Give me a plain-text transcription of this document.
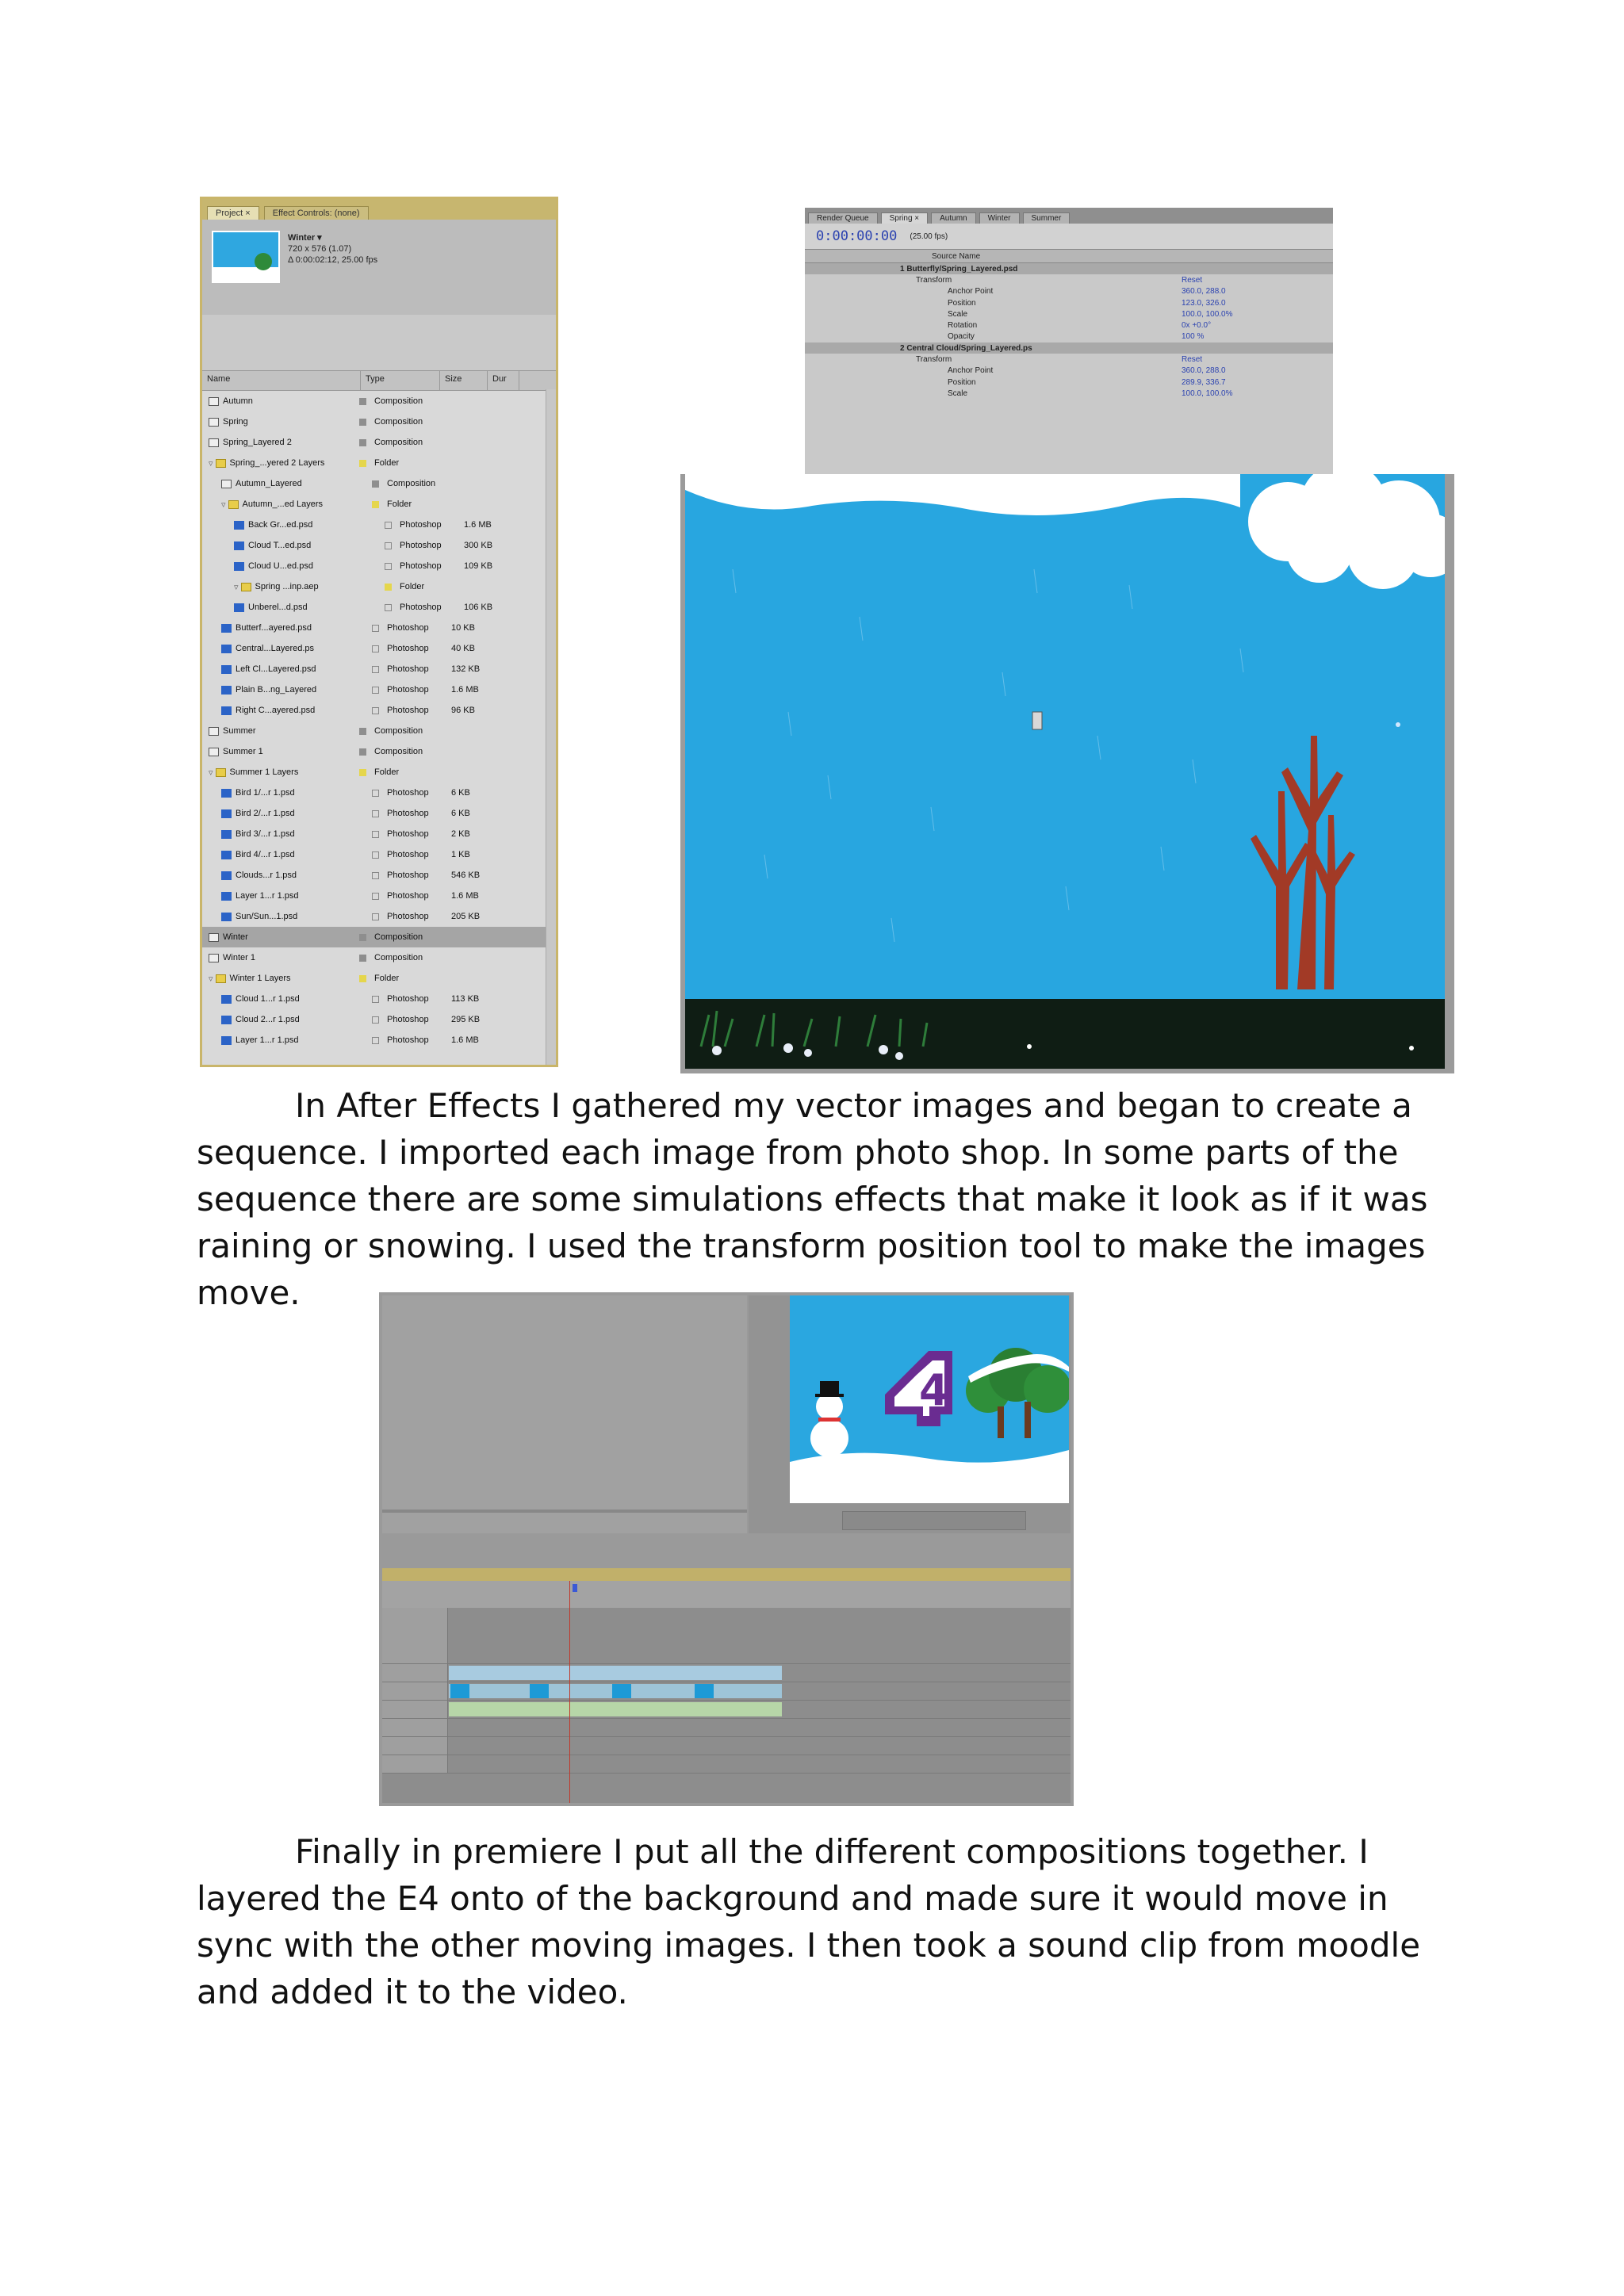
Project ×	Effect Controls: (none)
Winter ▾
720 x 576 (1.07)
Δ 0:00:02:12, 25.00 fps
Name	Type	Size	Dur
Autumn	Composition
Spring	Composition
Spring_Layered 2	Composition
▿ Spring_...yered 2 Layers	Folder
Autumn_Layered	Composition
▿ Autumn_...ed Layers	Folder
Back Gr...ed.psd	Photoshop	1.6 MB
Cloud T...ed.psd	Photoshop	300 KB
Cloud U...ed.psd	Photoshop	109 KB
▿ Spring ...inp.aep	Folder
Unberel...d.psd	Photoshop	106 KB
Butterf...ayered.psd	Photoshop	10 KB
Central...Layered.ps	Photoshop	40 KB
Left Cl...Layered.psd	Photoshop	132 KB
Plain B...ng_Layered	Photoshop	1.6 MB
Right C...ayered.psd	Photoshop	96 KB
Summer	Composition
Summer 1	Composition
▿ Summer 1 Layers	Folder
Bird 1/...r 1.psd	Photoshop	6 KB
Bird 2/...r 1.psd	Photoshop	6 KB
Bird 3/...r 1.psd	Photoshop	2 KB
Bird 4/...r 1.psd	Photoshop	1 KB
Clouds...r 1.psd	Photoshop	546 KB
Layer 1...r 1.psd	Photoshop	1.6 MB
Sun/Sun...1.psd	Photoshop	205 KB
Winter	Composition
Winter 1	Composition
▿ Winter 1 Layers	Folder
Cloud 1...r 1.psd	Photoshop	113 KB
Cloud 2...r 1.psd	Photoshop	295 KB
Layer 1...r 1.psd	Photoshop	1.6 MB
Render Queue	Spring ×	Autumn	Winter	Summer
0:00:00:00 (25.00 fps)
Source Name
1 Butterfly/Spring_Layered.psd
Transform	Reset
Anchor Point	360.0, 288.0
Position	123.0, 326.0
Scale	100.0, 100.0%
Rotation	0x +0.0°
Opacity	100 %
2 Central Cloud/Spring_Layered.ps
Transform	Reset
Anchor Point	360.0, 288.0
Position	289.9, 336.7
Scale	100.0, 100.0%
In After Effects I gathered my vector images and began to create a sequence. I imported each image from photo shop. In some parts of the sequence there are some simulations effects that make it look as if it was raining or snowing. I used the transform position tool to make the images move.
4
Finally in premiere I put all the different compositions together. I layered the E4 onto of the background and made sure it would move in sync with the other moving images. I then took a sound clip from moodle and added it to the video.
